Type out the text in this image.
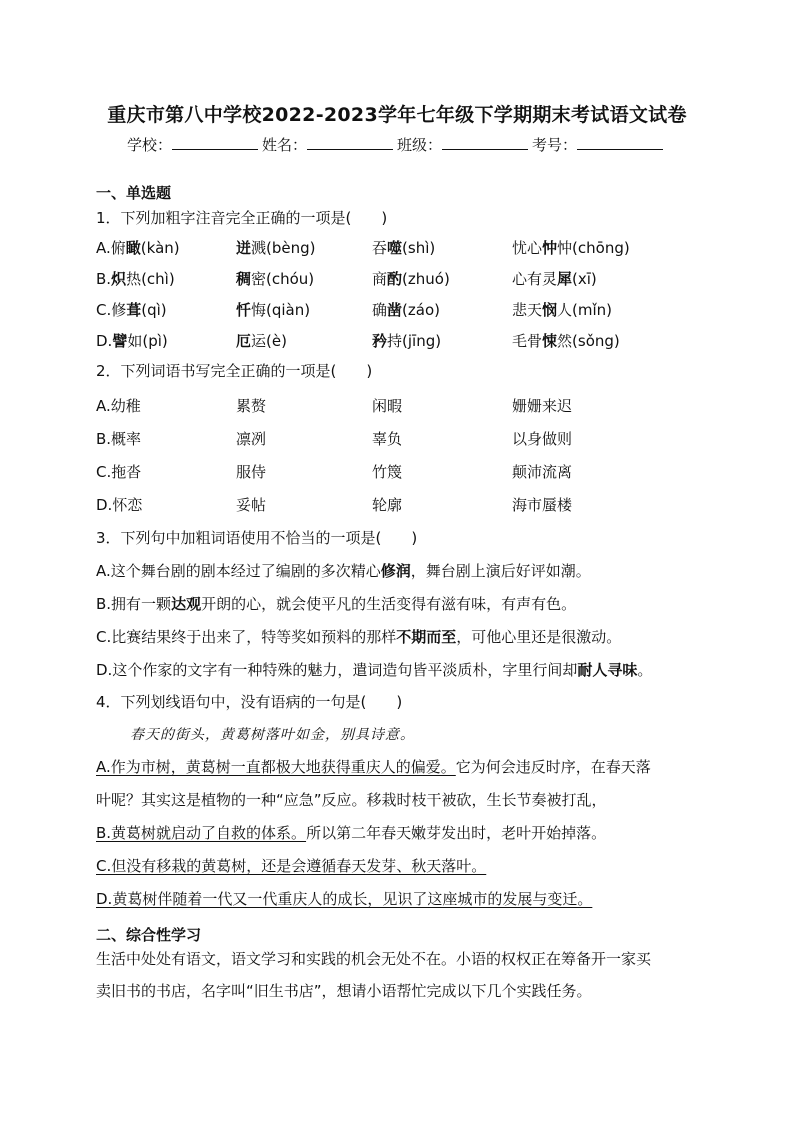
重庆市第八中学校2022-2023学年七年级下学期期末考试语文试卷
学校：	姓名：	班级：	考号：
一、单选题
1．下列加粗字注音完全正确的一项是(　　)
A.俯瞰(kàn)	迸溅(bèng)	吞噬(shì)	忧心忡忡(chōng)
B.炽热(chì)	稠密(chóu)	商酌(zhuó)	心有灵犀(xī)
C.修葺(qì)	忏悔(qiàn)	确凿(záo)	悲天悯人(mǐn)
D.譬如(pì)	厄运(è)	矜持(jīng)	毛骨悚然(sǒng)
2．下列词语书写完全正确的一项是(　　)
A.幼稚	累赘	闲暇	姗姗来迟
B.概率	凛冽	辜负	以身做则
C.拖沓	服侍	竹篾	颠沛流离
D.怀恋	妥帖	轮廓	海市蜃楼
3．下列句中加粗词语使用不恰当的一项是(　　)
A.这个舞台剧的剧本经过了编剧的多次精心修润，舞台剧上演后好评如潮。
B.拥有一颗达观开朗的心，就会使平凡的生活变得有滋有味，有声有色。
C.比赛结果终于出来了，特等奖如预料的那样不期而至，可他心里还是很激动。
D.这个作家的文字有一种特殊的魅力，遣词造句皆平淡质朴，字里行间却耐人寻味。
4．下列划线语句中，没有语病的一句是(　　)
春天的街头，黄葛树落叶如金，别具诗意。
A.作为市树，黄葛树一直都极大地获得重庆人的偏爱。它为何会违反时序，在春天落
叶呢？其实这是植物的一种“应急”反应。移栽时枝干被砍，生长节奏被打乱，
B.黄葛树就启动了自救的体系。所以第二年春天嫩芽发出时，老叶开始掉落。
C.但没有移栽的黄葛树，还是会遵循春天发芽、秋天落叶。
D.黄葛树伴随着一代又一代重庆人的成长，见识了这座城市的发展与变迁。
二、综合性学习
生活中处处有语文，语文学习和实践的机会无处不在。小语的权权正在筹备开一家买
卖旧书的书店，名字叫“旧生书店”，想请小语帮忙完成以下几个实践任务。
